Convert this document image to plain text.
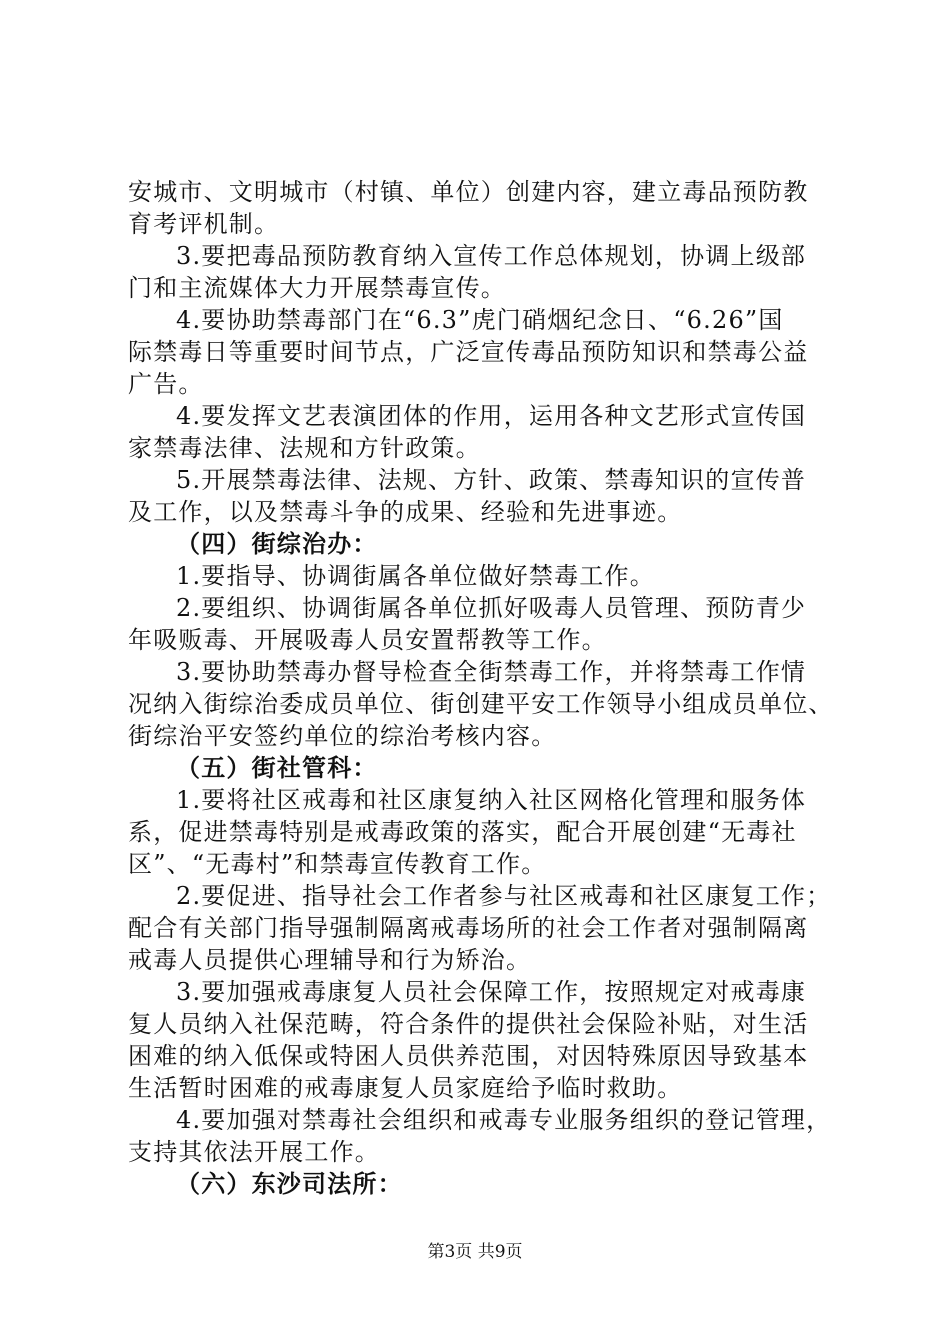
安城市、文明城市（村镇、单位）创建内容，建立毒品预防教
育考评机制。
3.要把毒品预防教育纳入宣传工作总体规划，协调上级部
门和主流媒体大力开展禁毒宣传。
4.要协助禁毒部门在“6.3”虎门硝烟纪念日、“6.26”国
际禁毒日等重要时间节点，广泛宣传毒品预防知识和禁毒公益
广告。
4.要发挥文艺表演团体的作用，运用各种文艺形式宣传国
家禁毒法律、法规和方针政策。
5.开展禁毒法律、法规、方针、政策、禁毒知识的宣传普
及工作，以及禁毒斗争的成果、经验和先进事迹。
（四）街综治办：
1.要指导、协调街属各单位做好禁毒工作。
2.要组织、协调街属各单位抓好吸毒人员管理、预防青少
年吸贩毒、开展吸毒人员安置帮教等工作。
3.要协助禁毒办督导检查全街禁毒工作，并将禁毒工作情
况纳入街综治委成员单位、街创建平安工作领导小组成员单位、
街综治平安签约单位的综治考核内容。
（五）街社管科：
1.要将社区戒毒和社区康复纳入社区网格化管理和服务体
系，促进禁毒特别是戒毒政策的落实，配合开展创建“无毒社
区”、“无毒村”和禁毒宣传教育工作。
2.要促进、指导社会工作者参与社区戒毒和社区康复工作；
配合有关部门指导强制隔离戒毒场所的社会工作者对强制隔离
戒毒人员提供心理辅导和行为矫治。
3.要加强戒毒康复人员社会保障工作，按照规定对戒毒康
复人员纳入社保范畴，符合条件的提供社会保险补贴，对生活
困难的纳入低保或特困人员供养范围，对因特殊原因导致基本
生活暂时困难的戒毒康复人员家庭给予临时救助。
4.要加强对禁毒社会组织和戒毒专业服务组织的登记管理，
支持其依法开展工作。
（六）东沙司法所：
第3页 共9页
